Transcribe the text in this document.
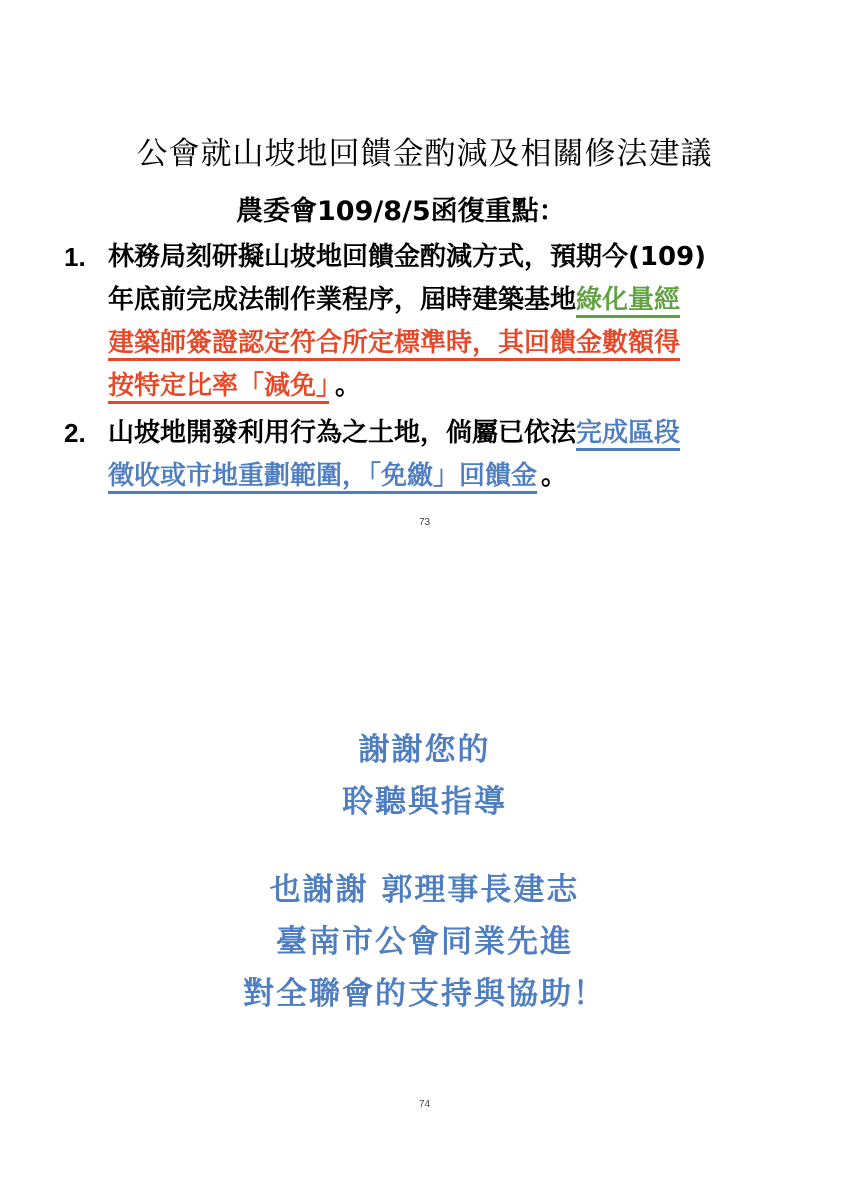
公會就山坡地回饋金酌減及相關修法建議
農委會109/8/5函復重點：
1. 林務局刻研擬山坡地回饋金酌減方式，預期今(109)
年底前完成法制作業程序，屆時建築基地綠化量經
建築師簽證認定符合所定標準時，其回饋金數額得
按特定比率「減免」 。
2. 山坡地開發利用行為之土地，倘屬已依法完成區段
徵收或市地重劃範圍，「免繳」回饋金 。
73
謝謝您的
聆聽與指導
也謝謝 郭理事長建志
臺南市公會同業先進
對全聯會的支持與協助！
74
